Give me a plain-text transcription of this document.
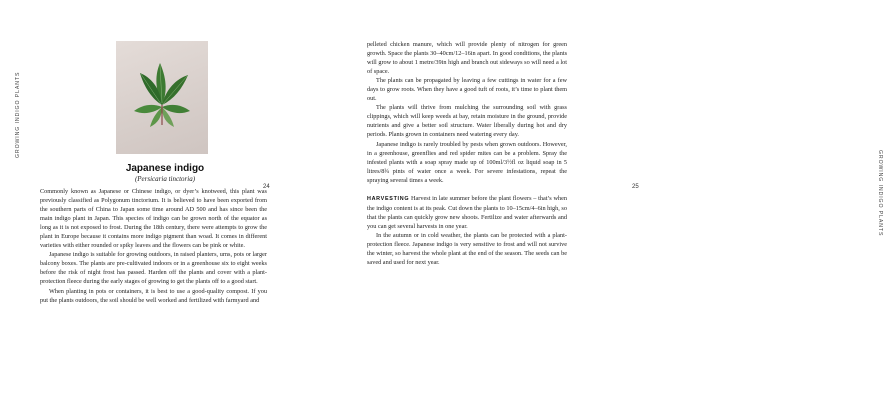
GROWING INDIGO PLANTS
24
Japanese indigo

(Persicaria tinctoria)

Commonly known as Japanese or Chinese indigo, or dyer’s knotweed, this plant was previously classified as Polygonum tinctorium. It is believed to have been exported from the southern parts of China to Japan some time around AD 500 and has since been the main indigo plant in Japan. This species of indigo can be grown north of the equator as long as it is not exposed to frost. During the 18th century, there were attempts to grow the plant in Europe because it contains more indigo pigment than woad. It comes in different varieties with either rounded or spiky leaves and the flowers can be pink or white.

Japanese indigo is suitable for growing outdoors, in raised planters, urns, pots or larger balcony boxes. The plants are pre-cultivated indoors or in a greenhouse six to eight weeks before the risk of night frost has passed. Harden off the plants and cover with a plant-protection fleece during the early stages of growing to get the plants off to a good start.

When planting in pots or containers, it is best to use a good-quality compost. If you put the plants outdoors, the soil should be well worked and fertilized with farmyard and

25	GROWING INDIGO PLANTS

pelleted chicken manure, which will provide plenty of nitrogen for green growth. Space the plants 30–40cm/12–16in apart. In good conditions, the plants will grow to about 1 metre/39in high and branch out sideways so will need a lot of space.

The plants can be propagated by leaving a few cuttings in water for a few days to grow roots. When they have a good tuft of roots, it’s time to plant them out.

The plants will thrive from mulching the surrounding soil with grass clippings, which will keep weeds at bay, retain moisture in the ground, provide nutrients and give a better soil structure. Water liberally during hot and dry periods. Plants grown in containers need watering every day.

Japanese indigo is rarely troubled by pests when grown outdoors. However, in a greenhouse, greenflies and red spider mites can be a problem. Spray the infested plants with a soap spray made up of 100ml/3½fl oz liquid soap in 5 litres/8¾ pints of water once a week. For severe infestations, repeat the spraying several times a week.

HARVESTING Harvest in late summer before the plant flowers – that’s when the indigo content is at its peak. Cut down the plants to 10–15cm/4–6in high, so that the plants can quickly grow new shoots. Fertilize and water afterwards and you can get several harvests in one year.

In the autumn or in cold weather, the plants can be protected with a plant-protection fleece. Japanese indigo is very sensitive to frost and will not survive the winter, so harvest the whole plant at the end of the season. The seeds can be saved and used for next year.
